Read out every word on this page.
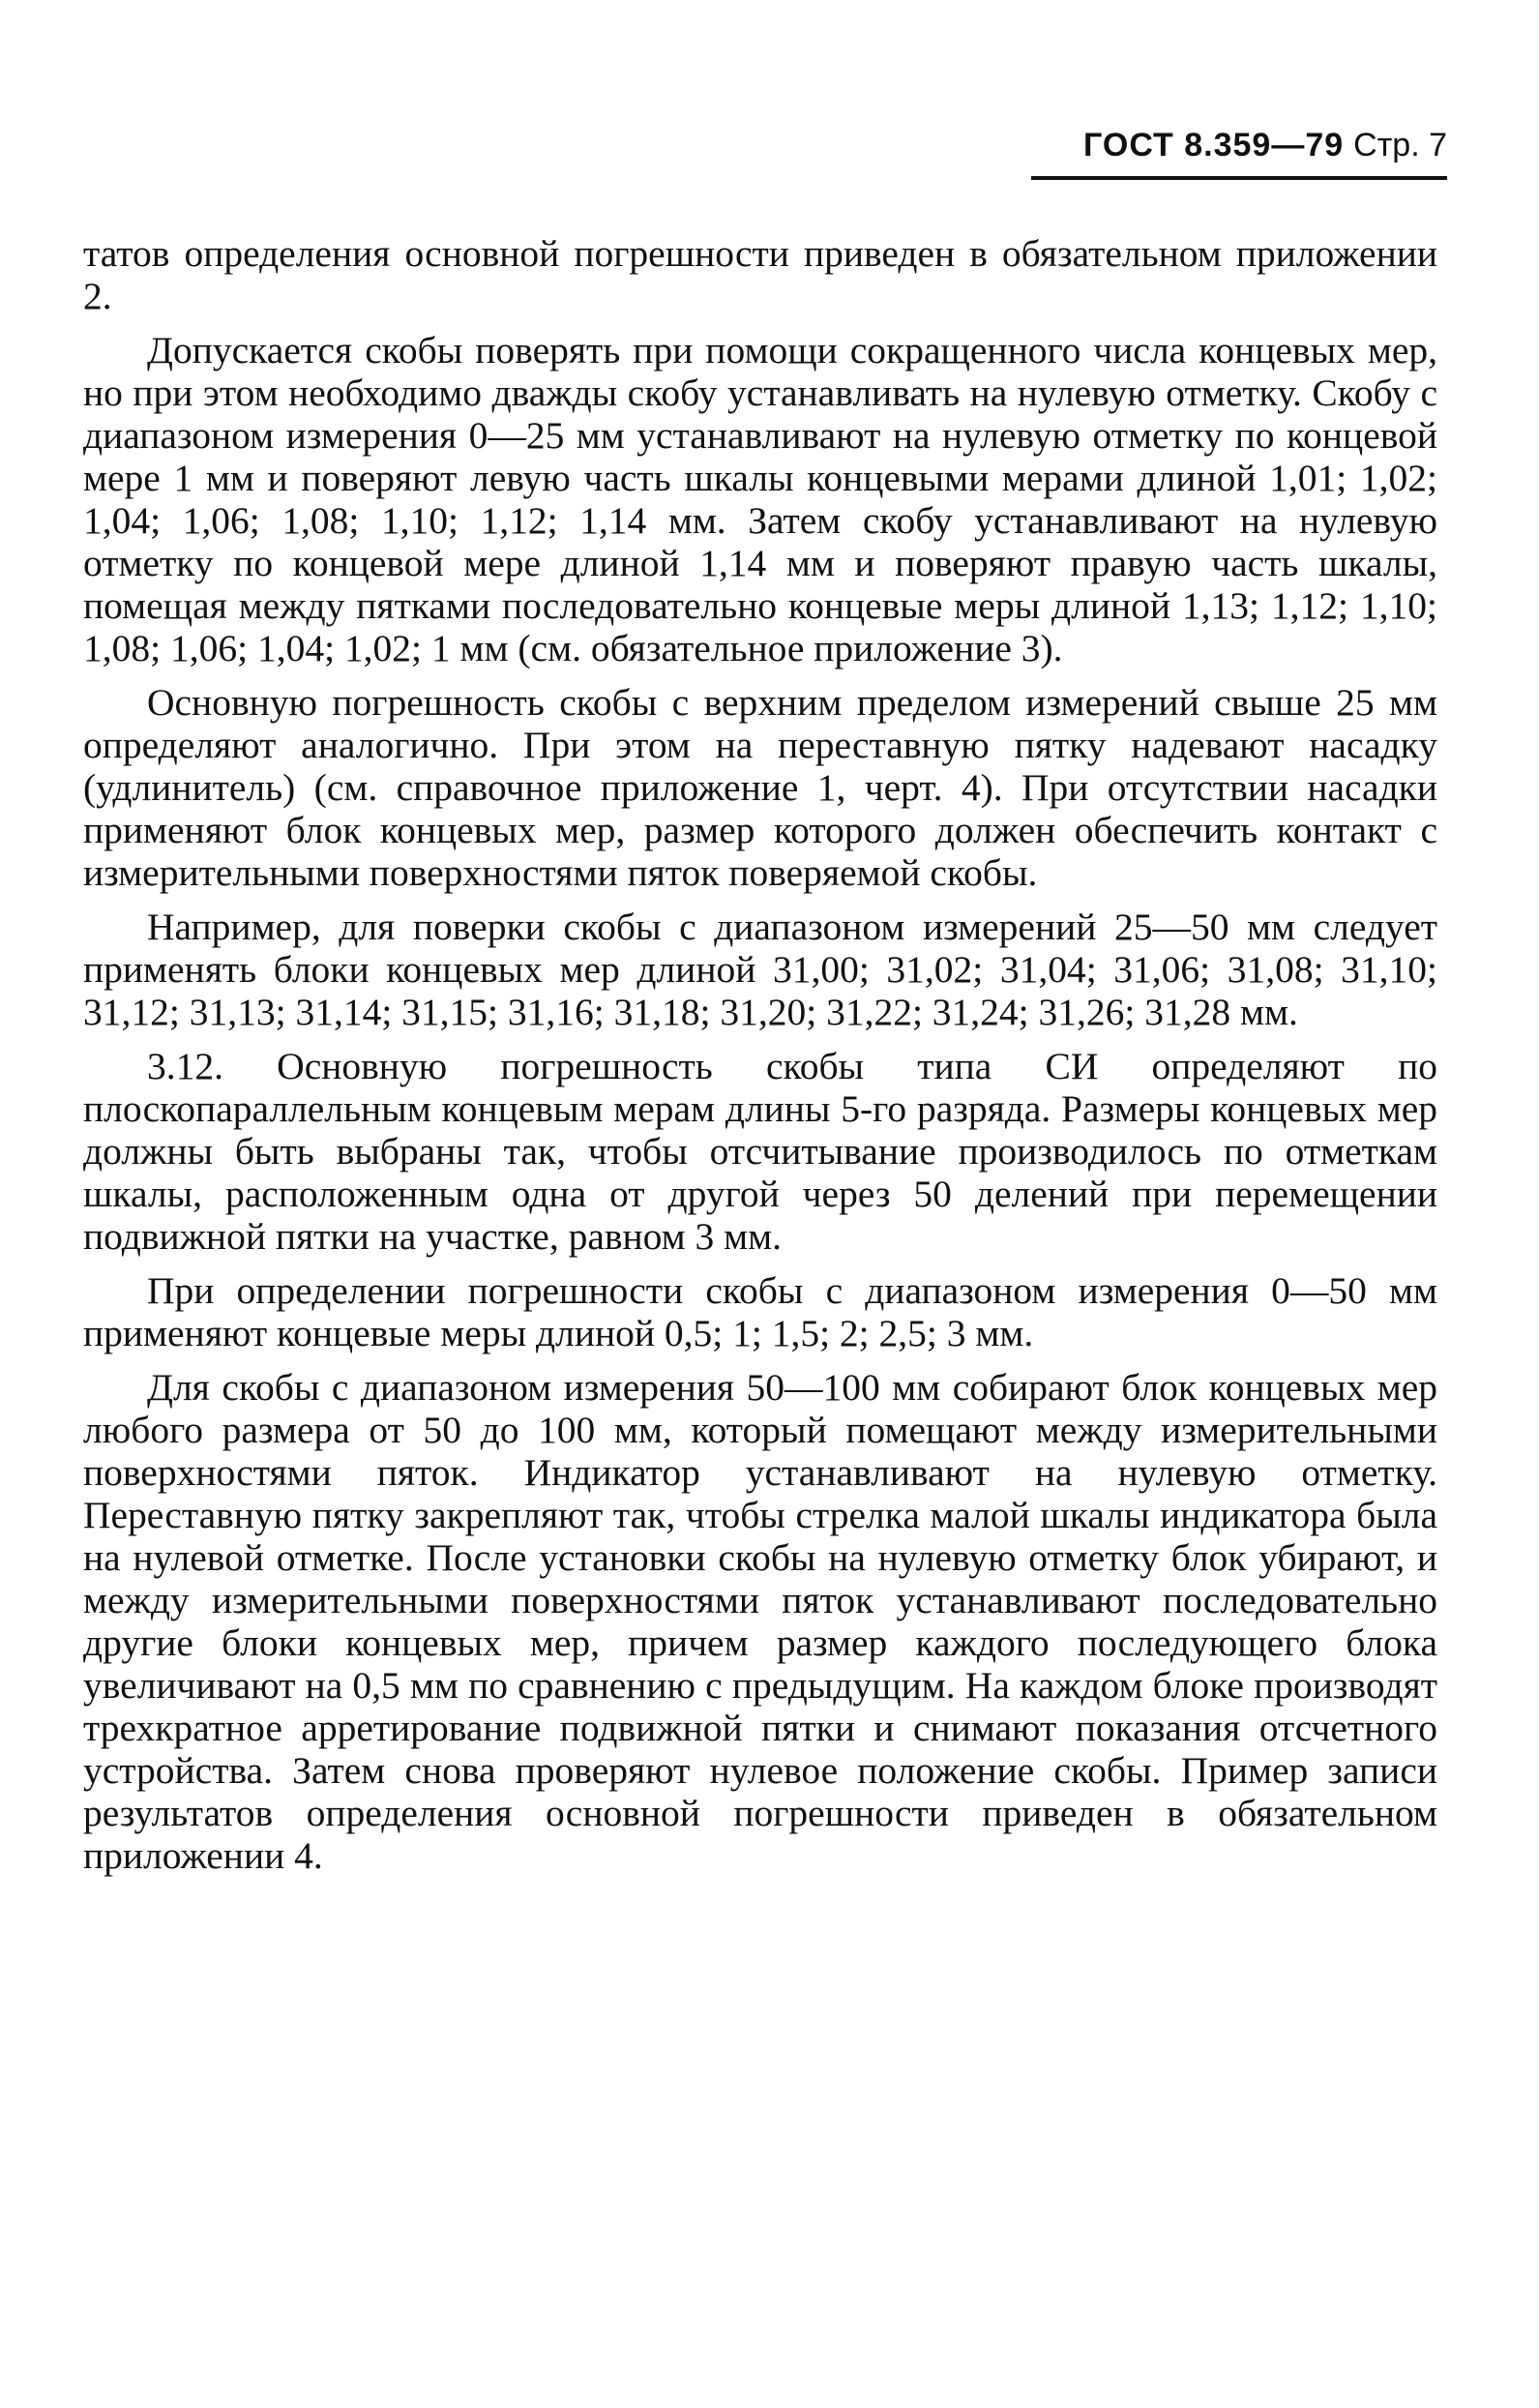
ГОСТ 8.359—79 Стр. 7

татов определения основной погрешности приведен в обязательном приложении 2.

Допускается скобы поверять при помощи сокращенного числа концевых мер, но при этом необходимо дважды скобу устанавливать на нулевую отметку. Скобу с диапазоном измерения 0—25 мм устанавливают на нулевую отметку по концевой мере 1 мм и поверяют левую часть шкалы концевыми мерами длиной 1,01; 1,02; 1,04; 1,06; 1,08; 1,10; 1,12; 1,14 мм. Затем скобу устанавливают на нулевую отметку по концевой мере длиной 1,14 мм и поверяют правую часть шкалы, помещая между пятками последовательно концевые меры длиной 1,13; 1,12; 1,10; 1,08; 1,06; 1,04; 1,02; 1 мм (см. обязательное приложение 3).

Основную погрешность скобы с верхним пределом измерений свыше 25 мм определяют аналогично. При этом на переставную пятку надевают насадку (удлинитель) (см. справочное приложение 1, черт. 4). При отсутствии насадки применяют блок концевых мер, размер которого должен обеспечить контакт с измерительными поверхностями пяток поверяемой скобы.

Например, для поверки скобы с диапазоном измерений 25—50 мм следует применять блоки концевых мер длиной 31,00; 31,02; 31,04; 31,06; 31,08; 31,10; 31,12; 31,13; 31,14; 31,15; 31,16; 31,18; 31,20; 31,22; 31,24; 31,26; 31,28 мм.

3.12. Основную погрешность скобы типа СИ определяют по плоскопараллельным концевым мерам длины 5-го разряда. Размеры концевых мер должны быть выбраны так, чтобы отсчитывание производилось по отметкам шкалы, расположенным одна от другой через 50 делений при перемещении подвижной пятки на участке, равном 3 мм.

При определении погрешности скобы с диапазоном измерения 0—50 мм применяют концевые меры длиной 0,5; 1; 1,5; 2; 2,5; 3 мм.

Для скобы с диапазоном измерения 50—100 мм собирают блок концевых мер любого размера от 50 до 100 мм, который помещают между измерительными поверхностями пяток. Индикатор устанавливают на нулевую отметку. Переставную пятку закрепляют так, чтобы стрелка малой шкалы индикатора была на нулевой отметке. После установки скобы на нулевую отметку блок убирают, и между измерительными поверхностями пяток устанавливают последовательно другие блоки концевых мер, причем размер каждого последующего блока увеличивают на 0,5 мм по сравнению с предыдущим. На каждом блоке производят трехкратное арретирование подвижной пятки и снимают показания отсчетного устройства. Затем снова проверяют нулевое положение скобы. Пример записи результатов определения основной погрешности приведен в обязательном приложении 4.
